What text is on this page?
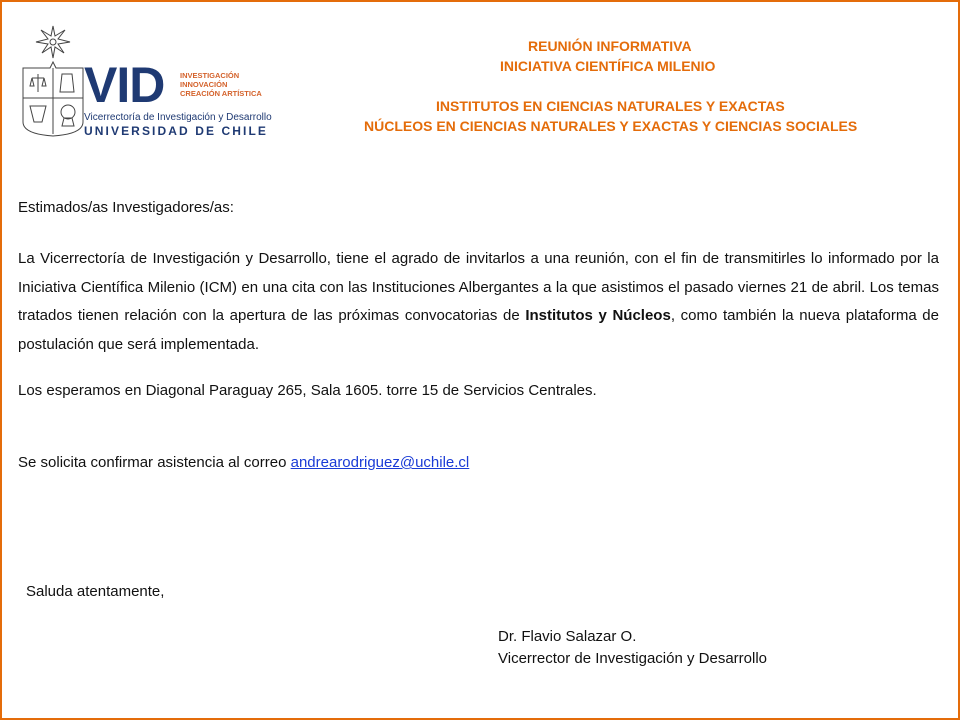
VID INVESTIGACIÓN
INNOVACIÓN
CREACIÓN ARTÍSTICA
Vicerrectoría de Investigación y Desarrollo
UNIVERSIDAD DE CHILE
REUNIÓN INFORMATIVA
INICIATIVA CIENTÍFICA MILENIO
INSTITUTOS EN CIENCIAS NATURALES Y EXACTAS
NÚCLEOS EN CIENCIAS NATURALES Y EXACTAS Y CIENCIAS SOCIALES
Estimados/as Investigadores/as:
La Vicerrectoría de Investigación y Desarrollo, tiene el agrado de invitarlos a una reunión, con el fin de transmitirles lo informado por la Iniciativa Científica Milenio (ICM) en una cita con las Instituciones Albergantes a la que asistimos el pasado viernes 21 de abril. Los temas tratados tienen relación con la apertura de las próximas convocatorias de Institutos y Núcleos, como también la nueva plataforma de postulación que será implementada.
Los esperamos en Diagonal Paraguay 265, Sala 1605. torre 15 de Servicios Centrales.
Se solicita confirmar asistencia al correo andrearodriguez@uchile.cl
Saluda atentamente,
Dr. Flavio Salazar O.
Vicerrector de Investigación y Desarrollo
